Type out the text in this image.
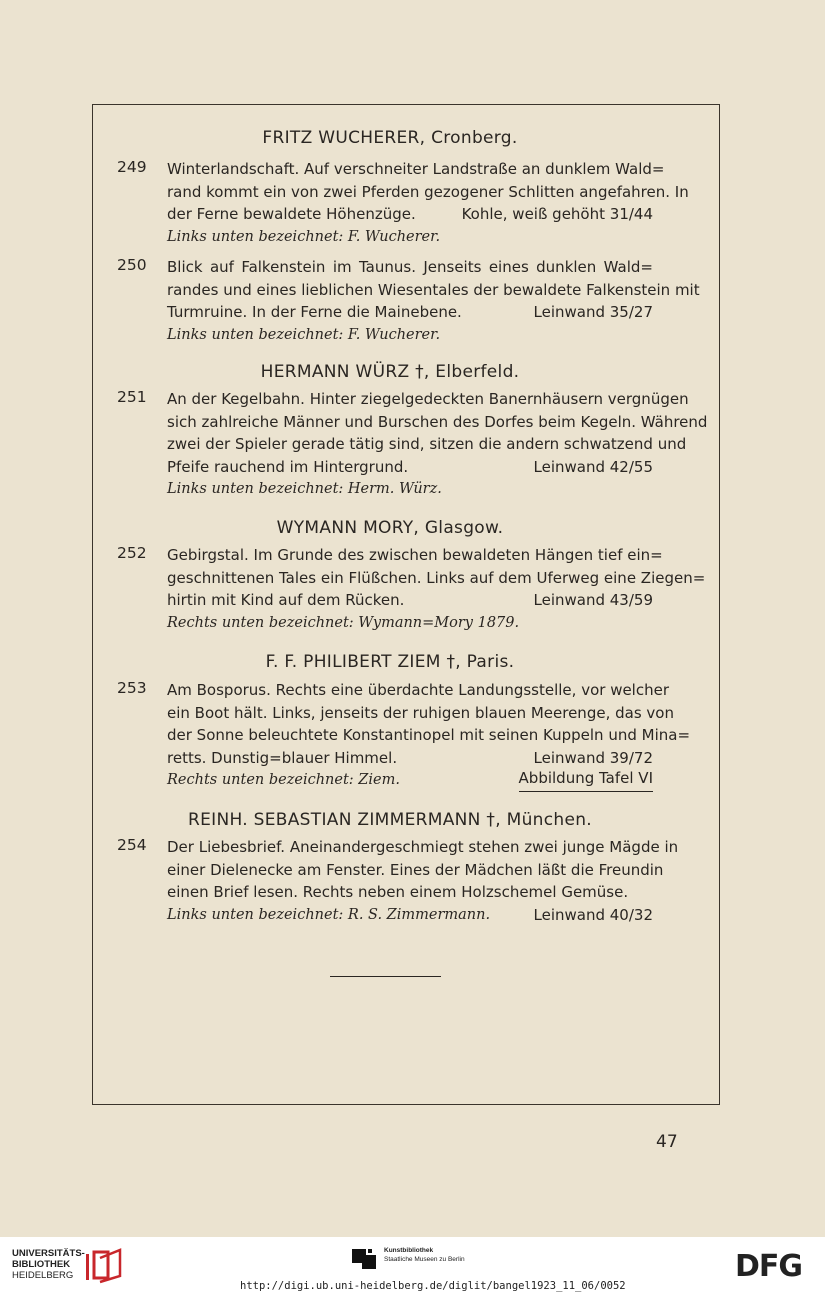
FRITZ WUCHERER, Cronberg.
249	Winterlandschaft. Auf verschneiter Landstraße an dunklem Wald=
rand kommt ein von zwei Pferden gezogener Schlitten angefahren. In
der Ferne bewaldete Höhenzüge.	Kohle, weiß gehöht 31/44
Links unten bezeichnet: F. Wucherer.
250	Blick auf Falkenstein im Taunus. Jenseits eines dunklen Wald=
randes und eines lieblichen Wiesentales der bewaldete Falkenstein mit
Turmruine. In der Ferne die Mainebene.	Leinwand 35/27
Links unten bezeichnet: F. Wucherer.
HERMANN WÜRZ †, Elberfeld.
251	An der Kegelbahn. Hinter ziegelgedeckten Banernhäusern vergnügen
sich zahlreiche Männer und Burschen des Dorfes beim Kegeln. Während
zwei der Spieler gerade tätig sind, sitzen die andern schwatzend und
Pfeife rauchend im Hintergrund.	Leinwand 42/55
Links unten bezeichnet: Herm. Würz.
WYMANN MORY, Glasgow.
252	Gebirgstal. Im Grunde des zwischen bewaldeten Hängen tief ein=
geschnittenen Tales ein Flüßchen. Links auf dem Uferweg eine Ziegen=
hirtin mit Kind auf dem Rücken.	Leinwand 43/59
Rechts unten bezeichnet: Wymann=Mory 1879.
F. F. PHILIBERT ZIEM †, Paris.
253	Am Bosporus. Rechts eine überdachte Landungsstelle, vor welcher
ein Boot hält. Links, jenseits der ruhigen blauen Meerenge, das von
der Sonne beleuchtete Konstantinopel mit seinen Kuppeln und Mina=
retts. Dunstig=blauer Himmel.	Leinwand 39/72
Rechts unten bezeichnet: Ziem.	Abbildung Tafel VI
REINH. SEBASTIAN ZIMMERMANN †, München.
254	Der Liebesbrief. Aneinandergeschmiegt stehen zwei junge Mägde in
einer Dielenecke am Fenster. Eines der Mädchen läßt die Freundin
einen Brief lesen. Rechts neben einem Holzschemel Gemüse.
Links unten bezeichnet: R. S. Zimmermann.	Leinwand 40/32
47
UNIVERSITÄTS-
BIBLIOTHEK
HEIDELBERG
Kunstbibliothek
Staatliche Museen zu Berlin	DFG
http://digi.ub.uni-heidelberg.de/diglit/bangel1923_11_06/0052
